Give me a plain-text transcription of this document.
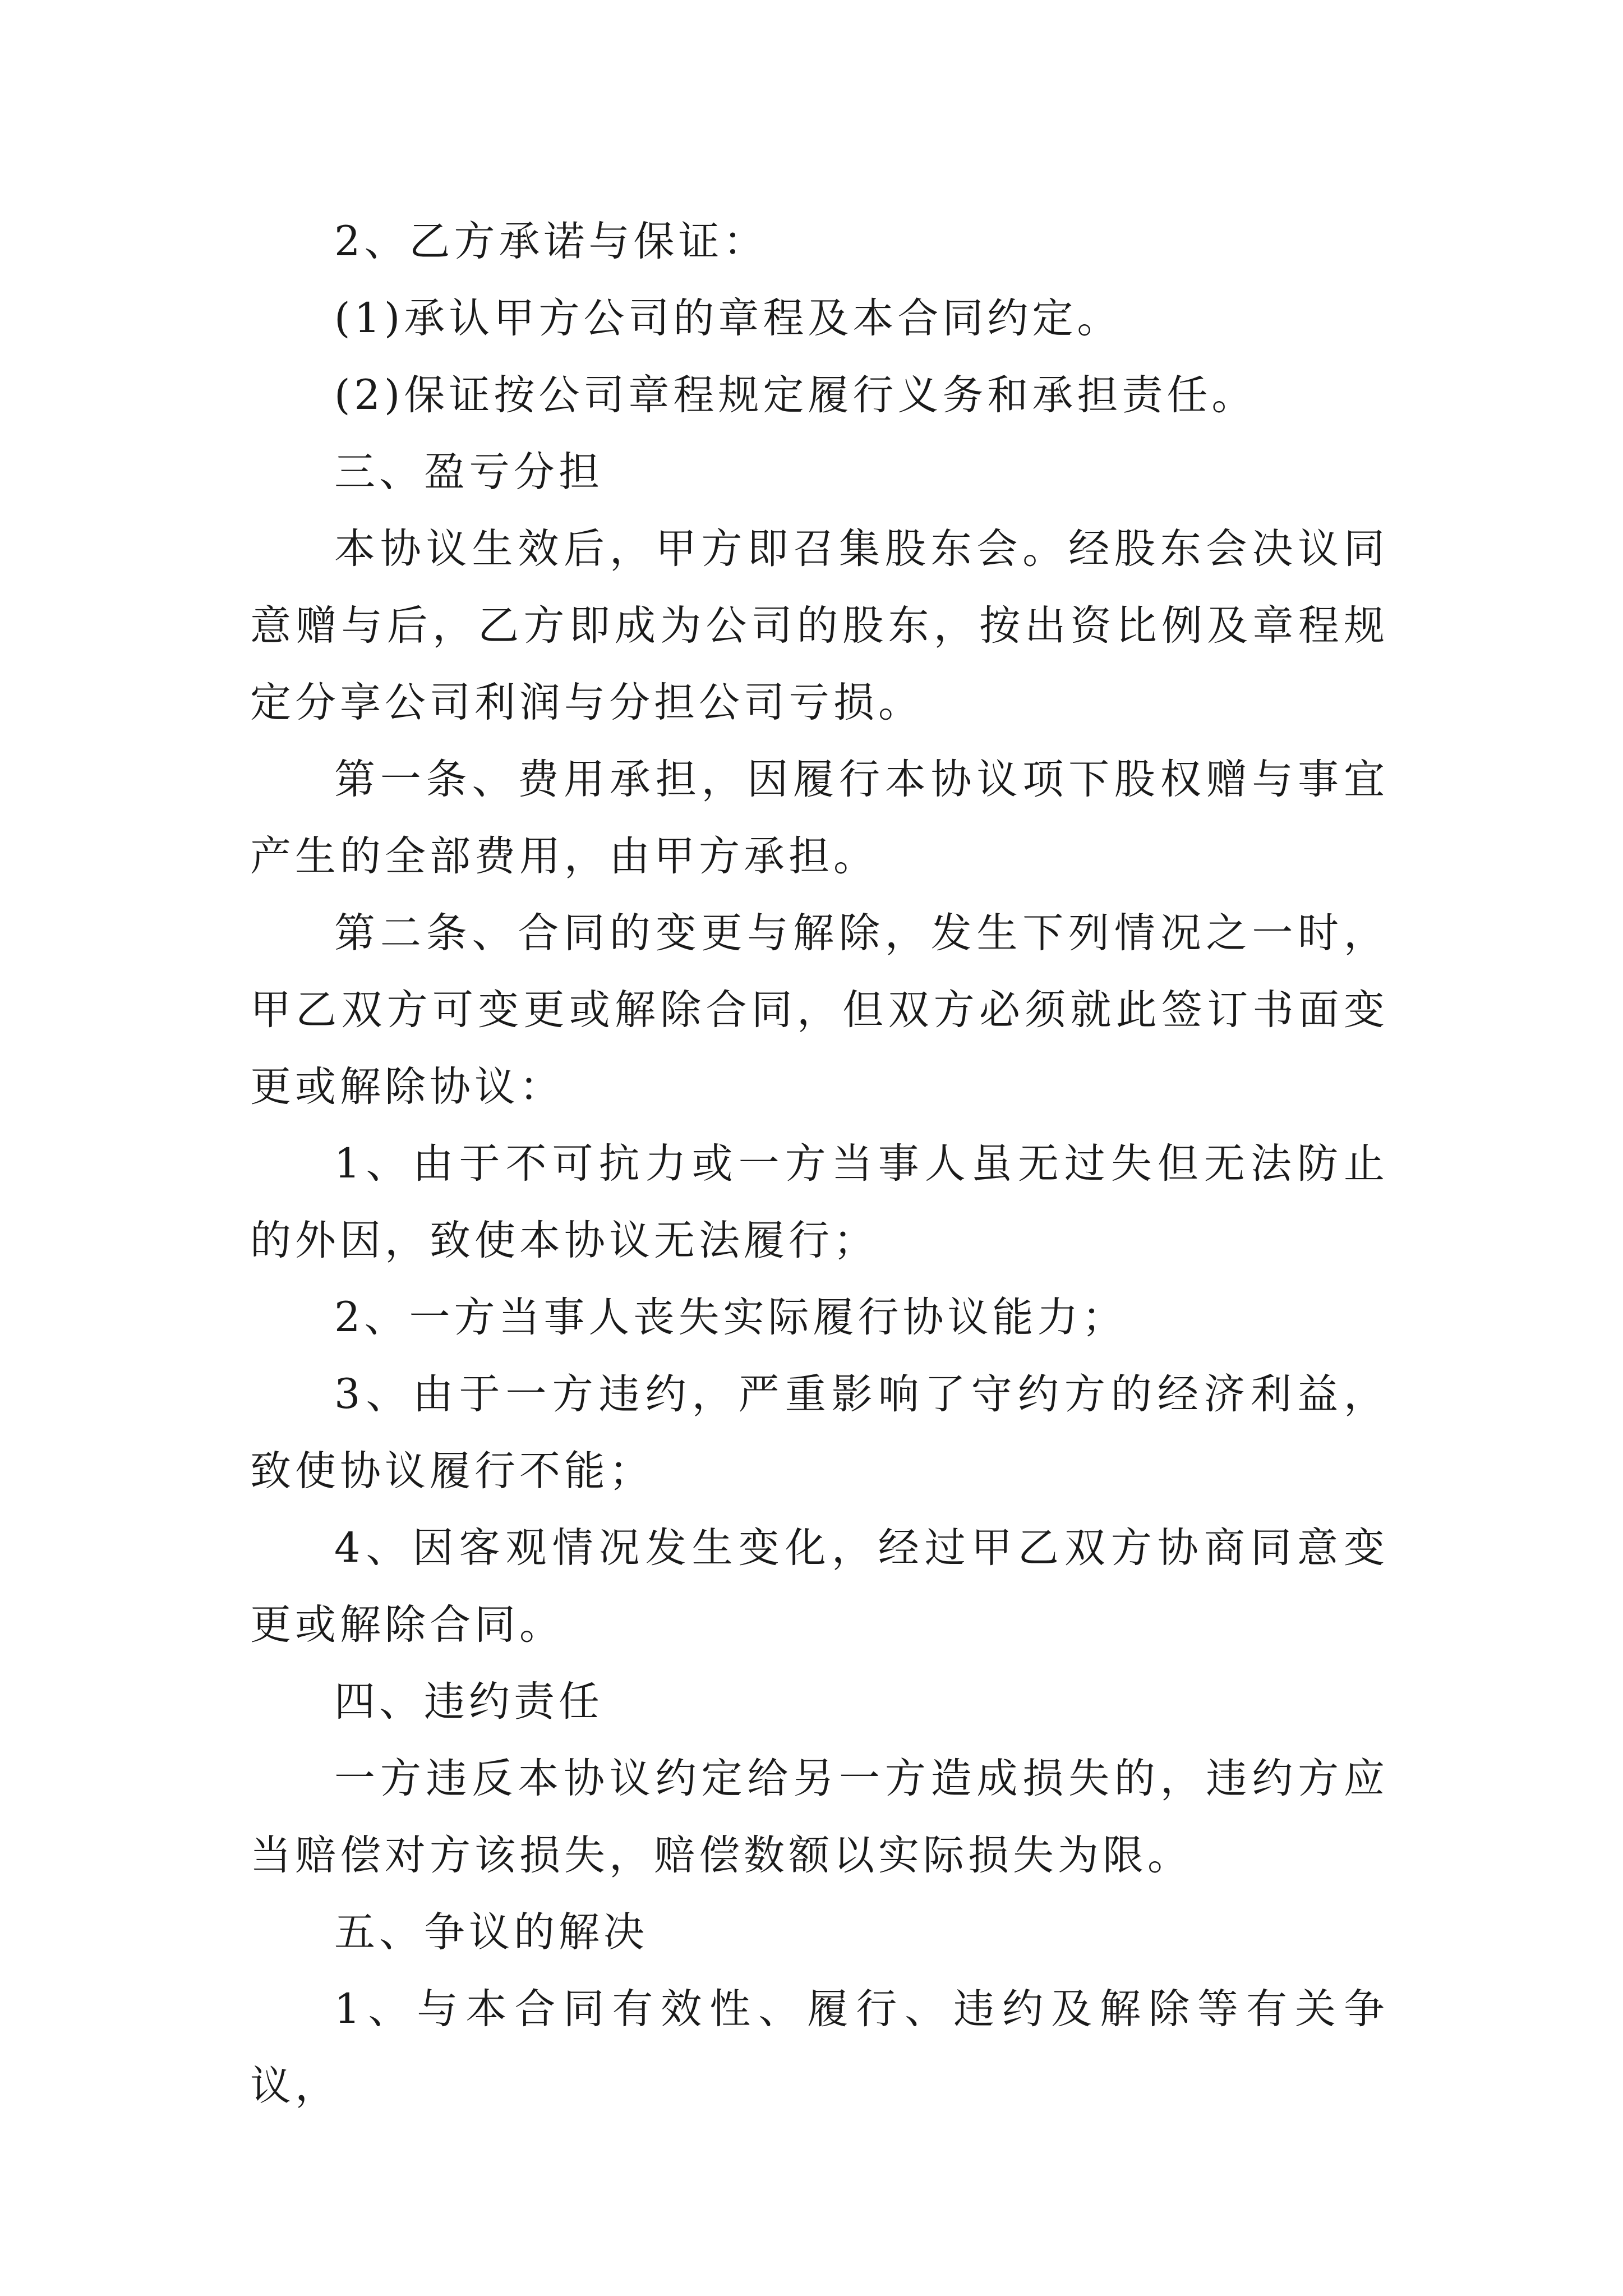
2、乙方承诺与保证：

(1)承认甲方公司的章程及本合同约定。

(2)保证按公司章程规定履行义务和承担责任。

三、盈亏分担

本协议生效后，甲方即召集股东会。经股东会决议同意赠与后，乙方即成为公司的股东，按出资比例及章程规定分享公司利润与分担公司亏损。

第一条、费用承担，因履行本协议项下股权赠与事宜产生的全部费用，由甲方承担。

第二条、合同的变更与解除，发生下列情况之一时，甲乙双方可变更或解除合同，但双方必须就此签订书面变更或解除协议：

1、由于不可抗力或一方当事人虽无过失但无法防止的外因，致使本协议无法履行；

2、一方当事人丧失实际履行协议能力；

3、由于一方违约，严重影响了守约方的经济利益，致使协议履行不能；

4、因客观情况发生变化，经过甲乙双方协商同意变更或解除合同。

四、违约责任

一方违反本协议约定给另一方造成损失的，违约方应当赔偿对方该损失，赔偿数额以实际损失为限。

五、争议的解决

1、与本合同有效性、履行、违约及解除等有关争议，
